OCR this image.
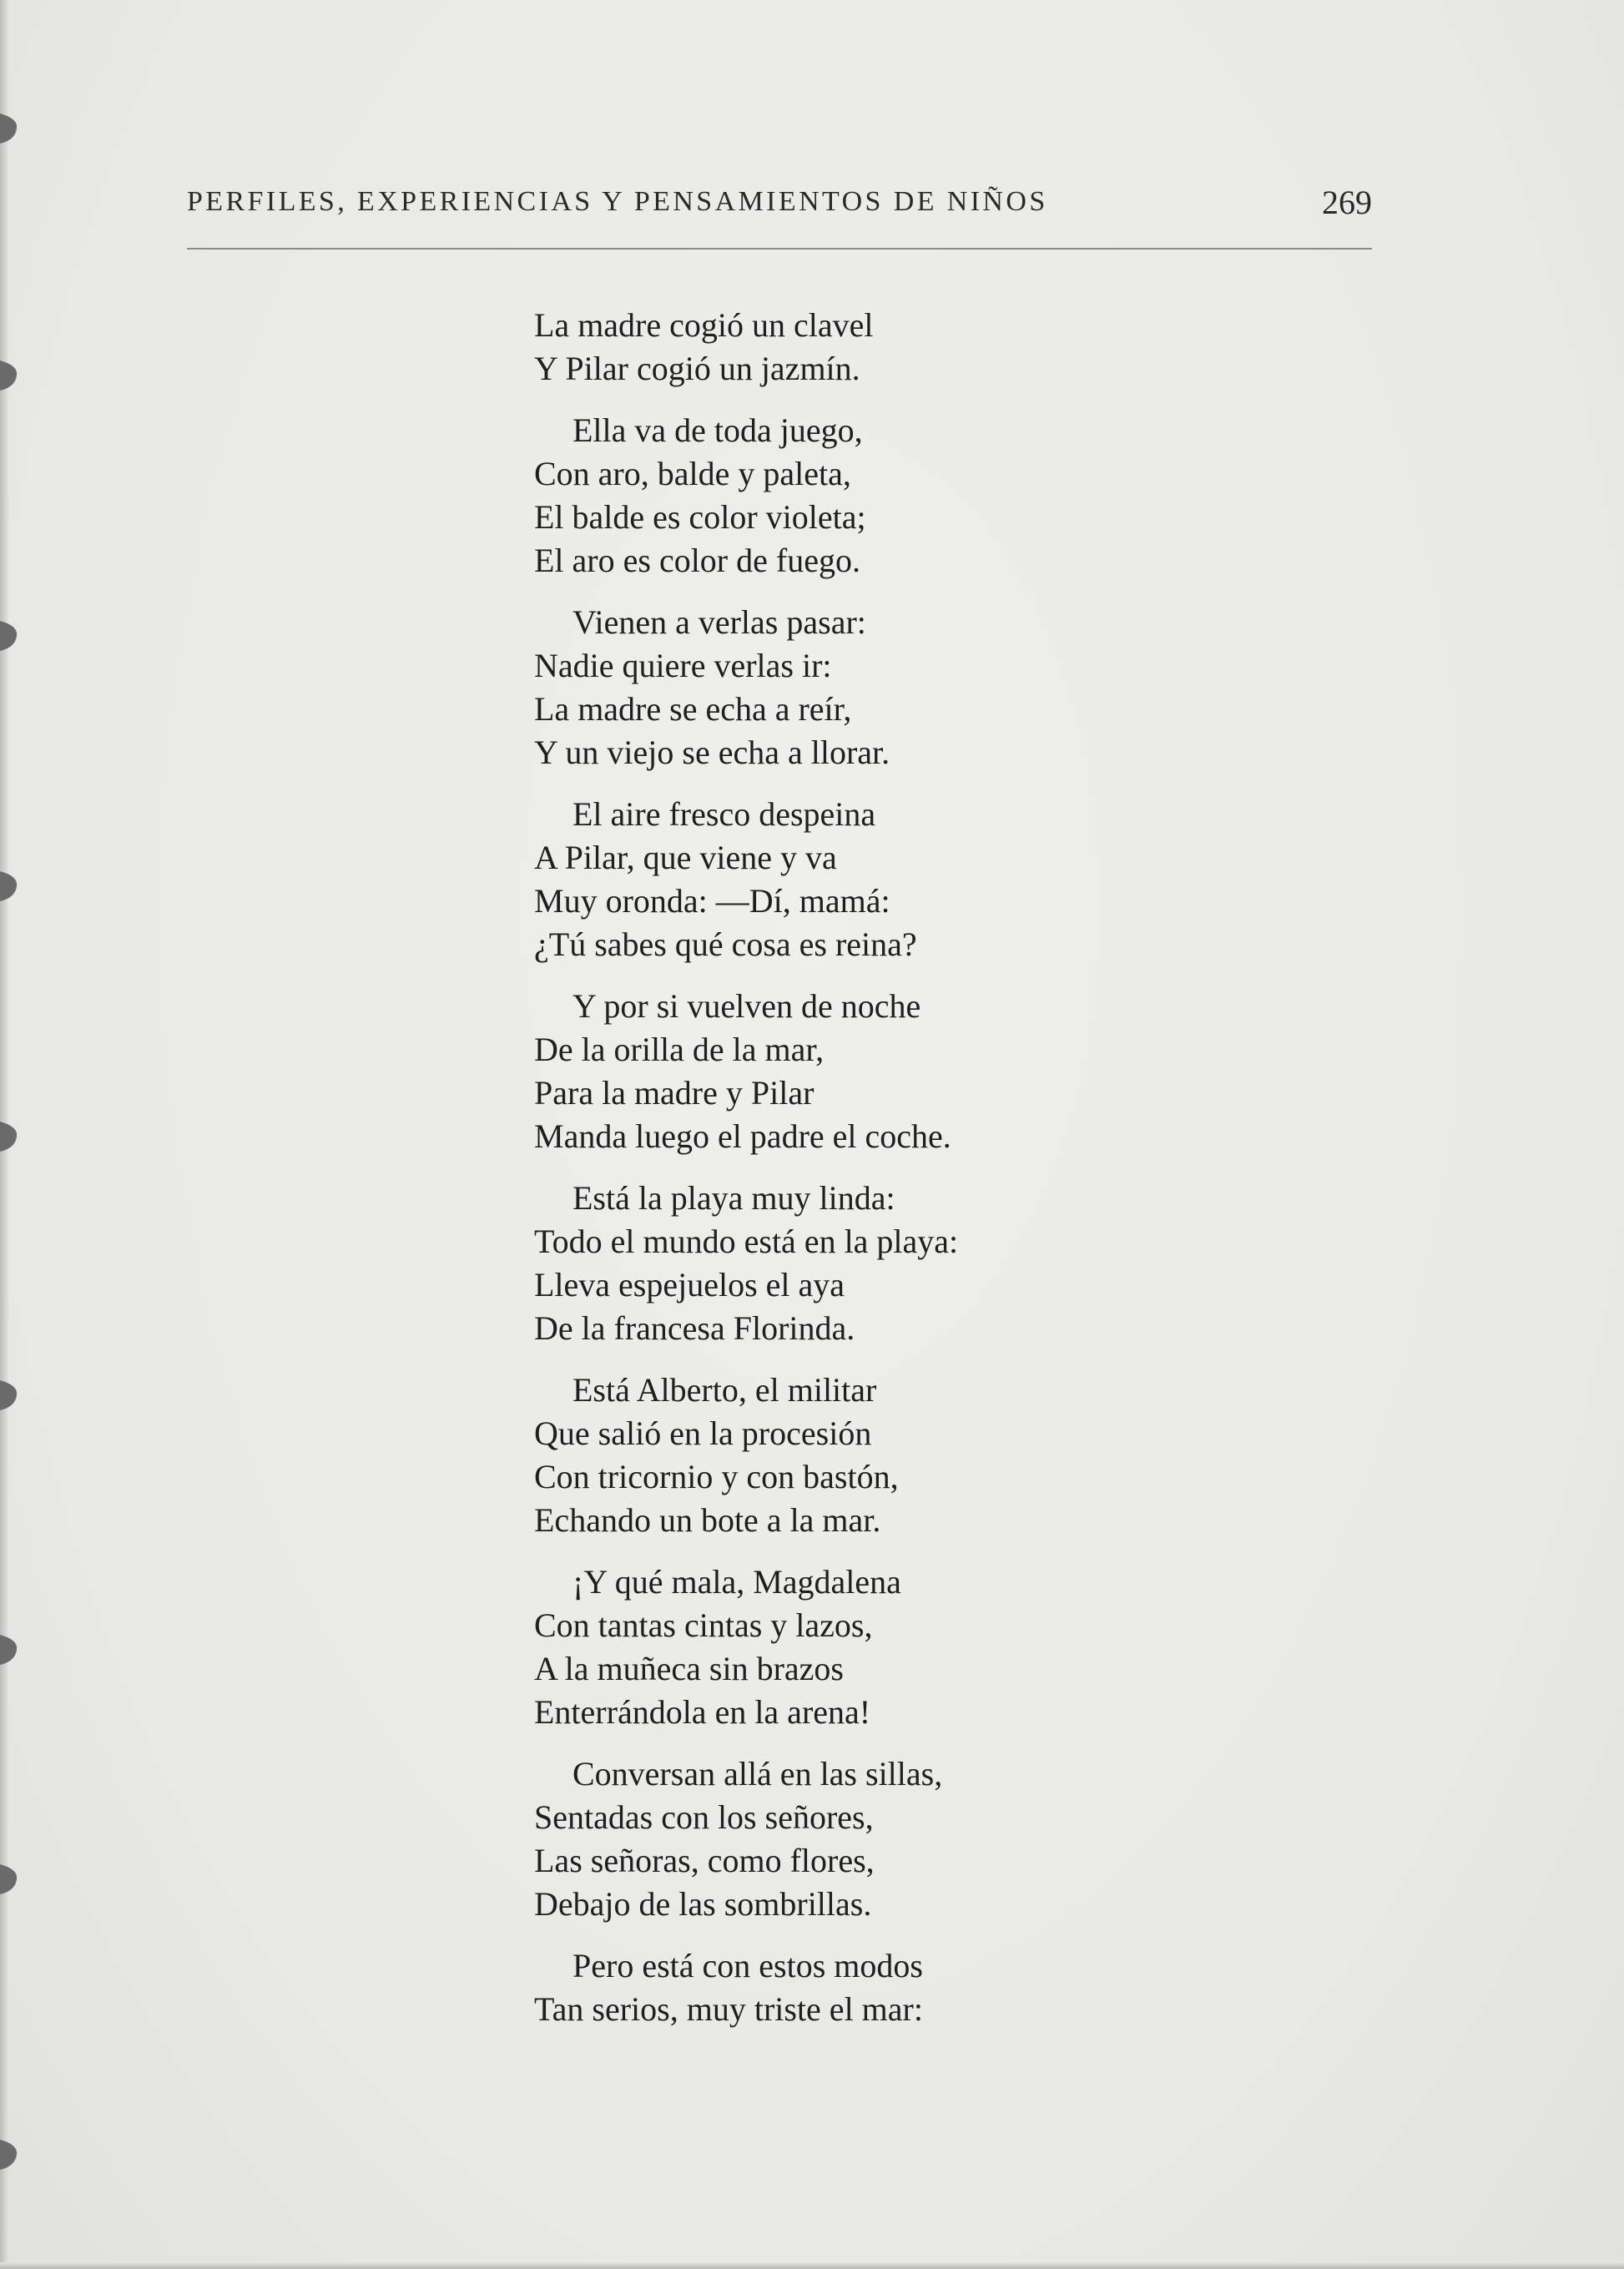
PERFILES, EXPERIENCIAS Y PENSAMIENTOS DE NIÑOS	269
La madre cogió un clavel
Y Pilar cogió un jazmín.
Ella va de toda juego,
Con aro, balde y paleta,
El balde es color violeta;
El aro es color de fuego.
Vienen a verlas pasar:
Nadie quiere verlas ir:
La madre se echa a reír,
Y un viejo se echa a llorar.
El aire fresco despeina
A Pilar, que viene y va
Muy oronda: —Dí, mamá:
¿Tú sabes qué cosa es reina?
Y por si vuelven de noche
De la orilla de la mar,
Para la madre y Pilar
Manda luego el padre el coche.
Está la playa muy linda:
Todo el mundo está en la playa:
Lleva espejuelos el aya
De la francesa Florinda.
Está Alberto, el militar
Que salió en la procesión
Con tricornio y con bastón,
Echando un bote a la mar.
¡Y qué mala, Magdalena
Con tantas cintas y lazos,
A la muñeca sin brazos
Enterrándola en la arena!
Conversan allá en las sillas,
Sentadas con los señores,
Las señoras, como flores,
Debajo de las sombrillas.
Pero está con estos modos
Tan serios, muy triste el mar:
